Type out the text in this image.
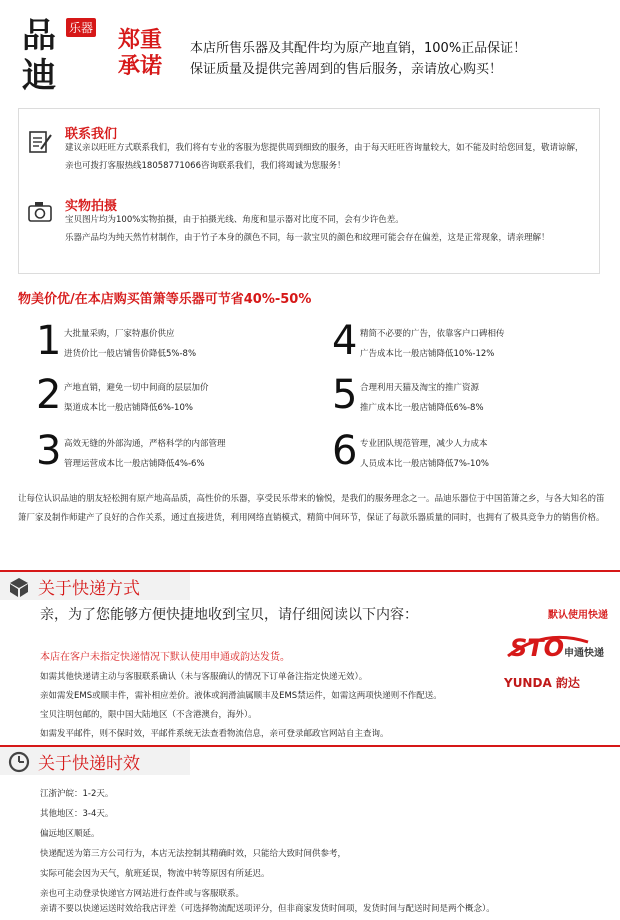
品
迪
乐器 郑重
承诺
本店所售乐器及其配件均为原产地直销，100%正品保证！
保证质量及提供完善周到的售后服务，亲请放心购买！
联系我们
建议亲以旺旺方式联系我们，我们将有专业的客服为您提供周到细致的服务，由于每天旺旺咨询量较大，如不能及时给您回复，敬请谅解，亲也可拨打客服热线18058771066咨询联系我们，我们将竭诚为您服务！
实物拍摄
宝贝图片均为100%实物拍摄，由于拍摄光线、角度和显示器对比度不同，会有少许色差。
乐器产品均为纯天然竹材制作，由于竹子本身的颜色不同，每一款宝贝的颜色和纹理可能会存在偏差，这是正常现象，请亲理解！
物美价优/在本店购买笛箫等乐器可节省40%-50%
1 大批量采购，厂家特惠价供应
进货价比一般店铺售价降低5%-8%
2 产地直销，避免一切中间商的层层加价
渠道成本比一般店铺降低6%-10%
3 高效无缝的外部沟通，严格科学的内部管理
管理运营成本比一般店铺降低4%-6%
4 精简不必要的广告，依靠客户口碑相传
广告成本比一般店铺降低10%-12%
5 合理利用天猫及淘宝的推广资源
推广成本比一般店铺降低6%-8%
6 专业团队规范管理，减少人力成本
人员成本比一般店铺降低7%-10%
让每位认识品迪的朋友轻松拥有原产地高品质，高性价的乐器，享受民乐带来的愉悦，是我们的服务理念之一。品迪乐器位于中国笛箫之乡，与各大知名的笛箫厂家及制作师建产了良好的合作关系，通过直接进货，利用网络直销模式，精简中间环节，保证了每款乐器质量的同时，也拥有了极具竞争力的销售价格。
关于快递方式
亲，为了您能够方便快捷地收到宝贝，请仔细阅读以下内容：
本店在客户未指定快递情况下默认使用申通或韵达发货。
如需其他快递请主动与客服联系确认（未与客服确认的情况下订单备注指定快递无效）。
亲如需发EMS或顺丰件，需补相应差价。液体或润滑油属顺丰及EMS禁运件，如需这两项快递则不作配送。
宝贝注明包邮的，限中国大陆地区（不含港澳台，海外）。
如需发平邮件，则不保时效，平邮件系统无法查看物流信息，亲可登录邮政官网站自主查询。
默认使用快递
STO 申通快递
YUNDA 韵达
关于快递时效
江浙沪皖：1-2天。
其他地区：3-4天。
偏远地区顺延。
快递配送为第三方公司行为，本店无法控制其精确时效，只能给大致时间供参考，
实际可能会因为天气，航班延误，物流中转等原因有所延迟。
亲也可主动登录快递官方网站进行查件或与客服联系。
亲请不要以快递运送时效给我店评差（可选择物流配送项评分，但非商家发货时间项，发货时间与配送时间是两个概念）。
